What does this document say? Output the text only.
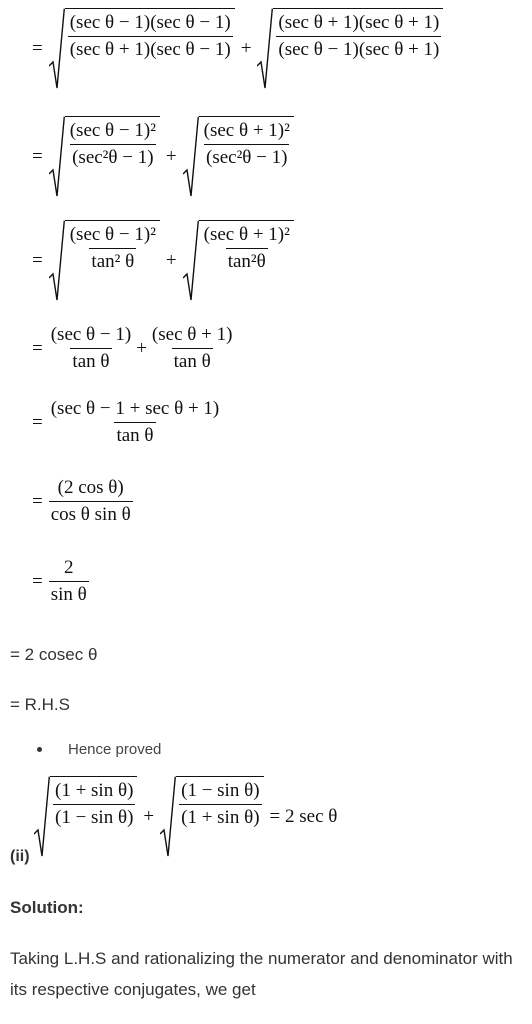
= $\frac{\text{(sec θ − 1)(sec θ − 1)}}{\text{(sec θ + 1)(sec θ − 1)}} + \frac{\text{(sec θ + 1)(sec θ + 1)}}{\text{(sec θ − 1)(sec θ + 1)}}$
= $\frac{\text{(sec θ − 1)²}}{\text{(sec²θ − 1)}} + \frac{\text{(sec θ + 1)²}}{\text{(sec²θ − 1)}}$
= $\frac{\text{(sec θ − 1)²}}{\text{tan² θ}} + \frac{\text{(sec θ + 1)²}}{\text{tan²θ}}$
= $\frac{\text{(sec θ − 1)}}{\text{tan θ}} + \frac{\text{(sec θ + 1)}}{\text{tan θ}}$
= $\frac{\text{(sec θ − 1 + sec θ + 1)}}{\text{tan θ}}$
= $\frac{\text{(2 cos θ)}}{\text{cos θ sin θ}}$
= $\frac{2}{\text{sin θ}}$
= 2 cosec θ
= R.H.S
Hence proved
(ii)
$\frac{\text{(1 + sin θ)}}{\text{(1 − sin θ)}} + \frac{\text{(1 − sin θ)}}{\text{(1 + sin θ)}} = 2$ sec θ
Solution:
Taking L.H.S and rationalizing the numerator and denominator with its respective conjugates, we get
